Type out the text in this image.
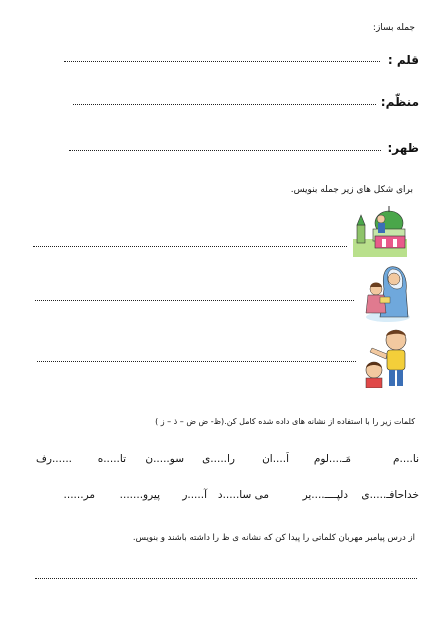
جمله بساز:
قلم :
منظّم:
ظهر:
برای شکل های زیر جمله بنویس.
کلمات زیر را با استفاده از نشانه های داده شده کامل کن.(ظ- ض ض – ذ – ز )
نا....م
مَـ....لوم
اَ....ان
را.....ی
سو.....ن
تا.....ه
......رف
خداحافـ.....ی
دلپــــ....یر
می سا.....د
آ.....ر
پیرو.......
مر......
از درس پیامبر مهربان کلماتی را پیدا کن که نشانه ی ظ را داشته باشند و بنویس.
